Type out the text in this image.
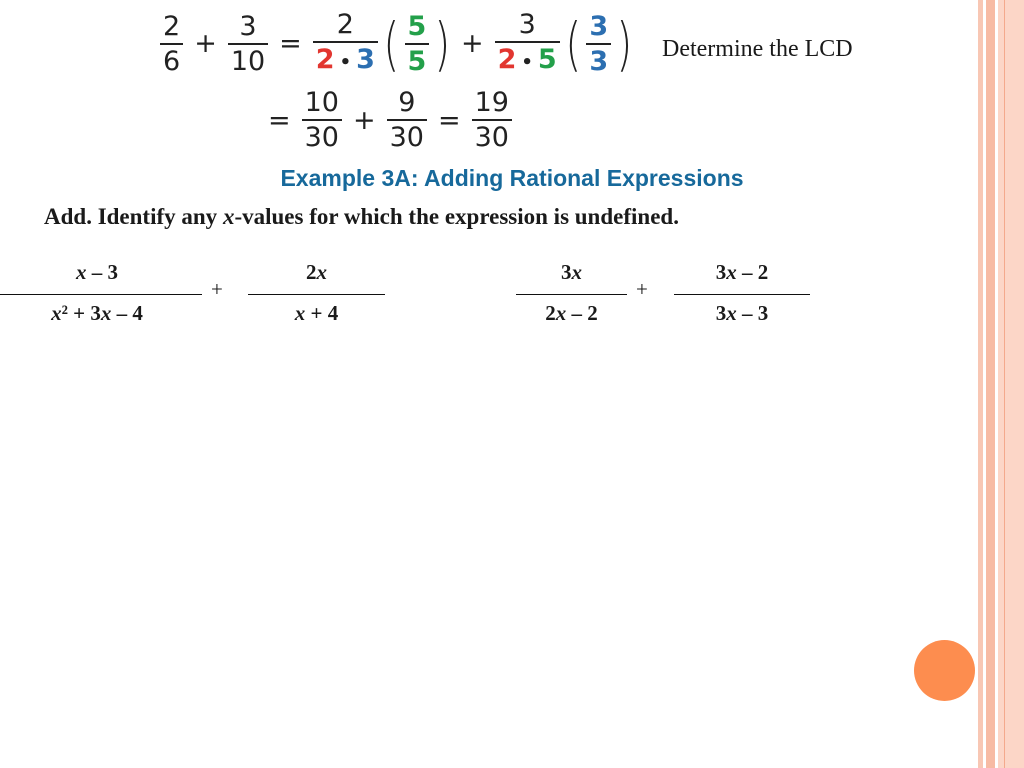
$\frac{2}{6} + \frac{3}{10} = \frac{2}{2 • 3}$ ( $\frac{5}{5}$ ) + $\frac{3}{2 • 5}$ ( $\frac{3}{3}$ )
= $\frac{10}{30} + \frac{9}{30} = \frac{19}{30}$
Determine the LCD
Example 3A: Adding Rational Expressions
Add. Identify any x-values for which the expression is undefined.
x – 3
x² + 3x – 4
+
2x
x + 4
3x
2x – 2
+
3x – 2
3x – 3
